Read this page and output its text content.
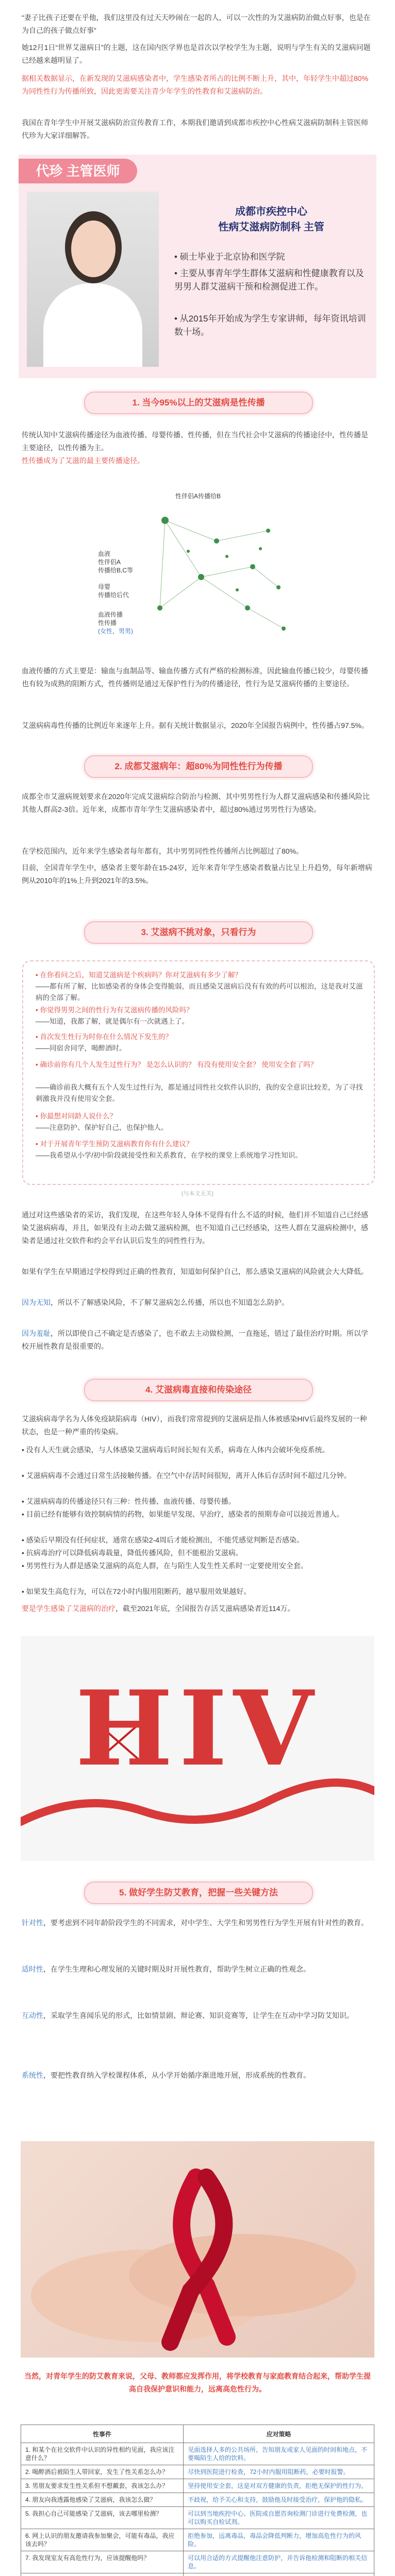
“妻子比孩子还要在乎他，我们这里没有过天天吵闹在一起的人，可以一次性的为艾滋病防治做点好事，也是在为自己的孩子做点好事”

她12月1日“世界艾滋病日”的主题，这在国内医学界也是首次以学校学生为主题，说明与学生有关的艾滋病问题已经越来越明显了。

据相关数据显示，在新发现的艾滋病感染者中，学生感染者所占的比例不断上升，其中，年轻学生中超过80%为同性性行为传播所致，因此更需要关注青少年学生的性教育和艾滋病防治。

我国在青年学生中开展艾滋病防治宣传教育工作，本期我们邀请到成都市疾控中心性病艾滋病防制科主管医师代珍为大家详细解答。

代珍 主管医师
成都市疾控中心
性病艾滋病防制科 主管

• 硕士毕业于北京协和医学院

• 主要从事青年学生群体艾滋病和性健康教育以及男男人群艾滋病干预和检测促进工作。

• 从2015年开始成为学生专家讲师，每年资讯培训数十场。

1. 当今95%以上的艾滋病是性传播

传统认知中艾滋病传播途径为血液传播、母婴传播、性传播，但在当代社会中艾滋病的传播途径中，性传播是主要途径，以性传播为主。

性传播成为了艾滋的最主要传播途径。

性伴侣A传播给B
血液
性伴侣A
传播给B,C等
母婴
传播给后代
血液传播
性传播
(女性，男男)

血液传播的方式主要是：输血与血制品等、输血传播方式有严格的检测标准，因此输血传播已较少，母婴传播也有较为成熟的阻断方式，性传播则是通过无保护性行为的传播途径，性行为是艾滋病传播的主要途径。

艾滋病病毒性传播的比例近年来逐年上升。据有关统计数据显示，2020年全国报告病例中，性传播占97.5%。

2. 成都艾滋病年：超80%为同性性行为传播

成都全市艾滋病规划要求在2020年完成艾滋病综合防治与检测、其中男男性行为人群艾滋病感染和传播风险比其他人群高2-3倍。近年来，成都市青年学生艾滋病感染者中，超过80%通过男男性行为感染。

在学校范围内，近年来学生感染者每年都有，其中男男同性性传播所占比例超过了80%。

目前，全国青年学生中，感染者主要年龄在15-24岁，近年来青年学生感染者数量占比呈上升趋势，每年新增病例从2010年的1%上升到2021年的3.5%。

3. 艾滋病不挑对象，只看行为

• 在你看问之后，知道艾滋病是个疾病吗？你对艾滋病有多少了解？

——都有所了解，比如感染者的身体会变得脆弱，而且感染艾滋病后没有有效的药可以根治，这是我对艾滋病的全部了解。

• 你觉得男男之间的性行为有艾滋病传播的风险吗？

——知道，我都了解，就是偶尔有一次就遇上了。

• 首次发生性行为时你在什么情况下发生的？

——同宿舍同学，喝醉酒时。

• 确诊前你有几个人发生过性行为？ 是怎么认识的？ 有没有使用安全套？ 使用安全套了吗？

——确诊前我大概有五个人发生过性行为，都是通过同性社交软件认识的，我的安全意识比较差，为了寻找刺激我并没有使用安全套。

• 你最想对同龄人说什么？

——注意防护、保护好自己，也保护他人。

• 对于开展青年学生预防艾滋病教育你有什么建议？

——我希望从小学/初中阶段就接受性和关系教育，在学校的课堂上系统地学习性知识。

(与本文无关)

通过对这些感染者的采访，我们发现，在这些年轻人身体不觉得有什么不适的时候，他们并不知道自己已经感染艾滋病病毒，并且，如果没有主动去做艾滋病检测，也不知道自己已经感染，这些人群在艾滋病检测中，感染者是通过社交软件和约会平台认识后发生的同性性行为。

如果有学生在早期通过学校得到过正确的性教育，知道如何保护自己，那么感染艾滋病的风险就会大大降低。

因为无知，所以不了解感染风险，不了解艾滋病怎么传播，所以也不知道怎么防护。

因为羞耻，所以即使自己不确定是否感染了，也不敢去主动做检测，一直拖延，错过了最佳治疗时期。所以学校开展性教育是很重要的。

4. 艾滋病毒直接和传染途径

艾滋病病毒学名为人体免疫缺陷病毒（HIV），而我们常常提到的艾滋病是指人体被感染HIV后最终发展的一种状态，也是一种严重的传染病。

• 没有人天生就会感染，与人体感染艾滋病毒后时间长短有关系，病毒在人体内会破坏免疫系统。

• 艾滋病病毒不会通过日常生活接触传播。在空气中存活时间很短，离开人体后存活时间不超过几分钟。

• 艾滋病病毒的传播途径只有三种：性传播、血液传播、母婴传播。

• 目前已经有能够有效控制病情的药物，如果能早发现、早治疗，感染者的预期寿命可以接近普通人。

• 感染后早期没有任何症状，通常在感染2-4周后才能检测出，不能凭感觉判断是否感染。

• 抗病毒治疗可以降低病毒载量，降低传播风险，但不能根治艾滋病。

• 男男性行为人群是感染艾滋病的高危人群，在与陌生人发生性关系时一定要使用安全套。

• 如果发生高危行为，可以在72小时内服用阻断药，越早服用效果越好。

要是学生感染了艾滋病的治疗，截至2021年底，全国报告存活艾滋病感染者近114万。

HIV
5. 做好学生防艾教育，把握一些关键方法

针对性，要考虑到不同年龄阶段学生的不同需求，对中学生、大学生和男男性行为学生开展有针对性的教育。

适时性，在学生生理和心理发展的关键时期及时开展性教育，帮助学生树立正确的性观念。

互动性，采取学生喜闻乐见的形式，比如情景剧、辩论赛、知识竞赛等，让学生在互动中学习防艾知识。

系统性，要把性教育纳入学校课程体系，从小学开始循序渐进地开展，形成系统的性教育。

当然，对青年学生的防艾教育来说，父母、教师都应发挥作用，将学校教育与家庭教育结合起来，帮助学生提高自我保护意识和能力，远离高危性行为。

性事件	应对策略
1. 和某个在社交软件中认识的异性相约见面，我应该注意什么？	见面选择人多的公共场所，告知朋友或家人见面的时间和地点，不要喝陌生人给的饮料。
2. 喝醉酒后被陌生人带回家，发生了性关系怎么办？	尽快到医院进行检查，72小时内服用阻断药，必要时报警。
3. 男朋友要求发生性关系但不想戴套，我该怎么办？	坚持使用安全套，这是对双方健康的负责，拒绝无保护的性行为。
4. 朋友向我透露他感染了艾滋病，我该怎么做？	不歧视，给予关心和支持，鼓励他及时接受治疗，保护他的隐私。
5. 我担心自己可能感染了艾滋病，该去哪里检测？	可以到当地疾控中心、医院或自愿咨询检测门诊进行免费检测，也可以购买自检试剂。
6. 网上认识的朋友邀请我参加聚会，可能有毒品，我应该去吗？	拒绝参加，远离毒品，毒品会降低判断力，增加高危性行为的风险。
7. 我发现室友有高危性行为，应该提醒他吗？	可以用合适的方式提醒他注意防护，并告诉他检测和阻断的相关信息。
